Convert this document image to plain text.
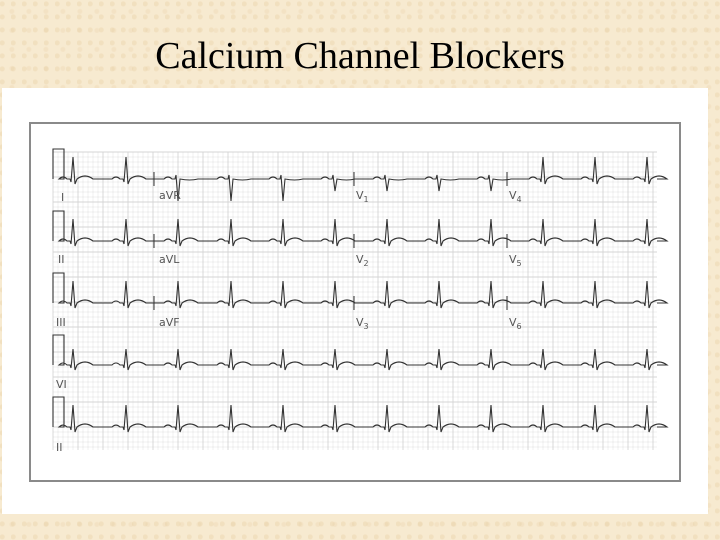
Calcium Channel Blockers
I
II
III
aVR
aVL
aVF
$V_1$
$V_2$
$V_3$
$V_4$
$V_5$
$V_6$
VI
II
